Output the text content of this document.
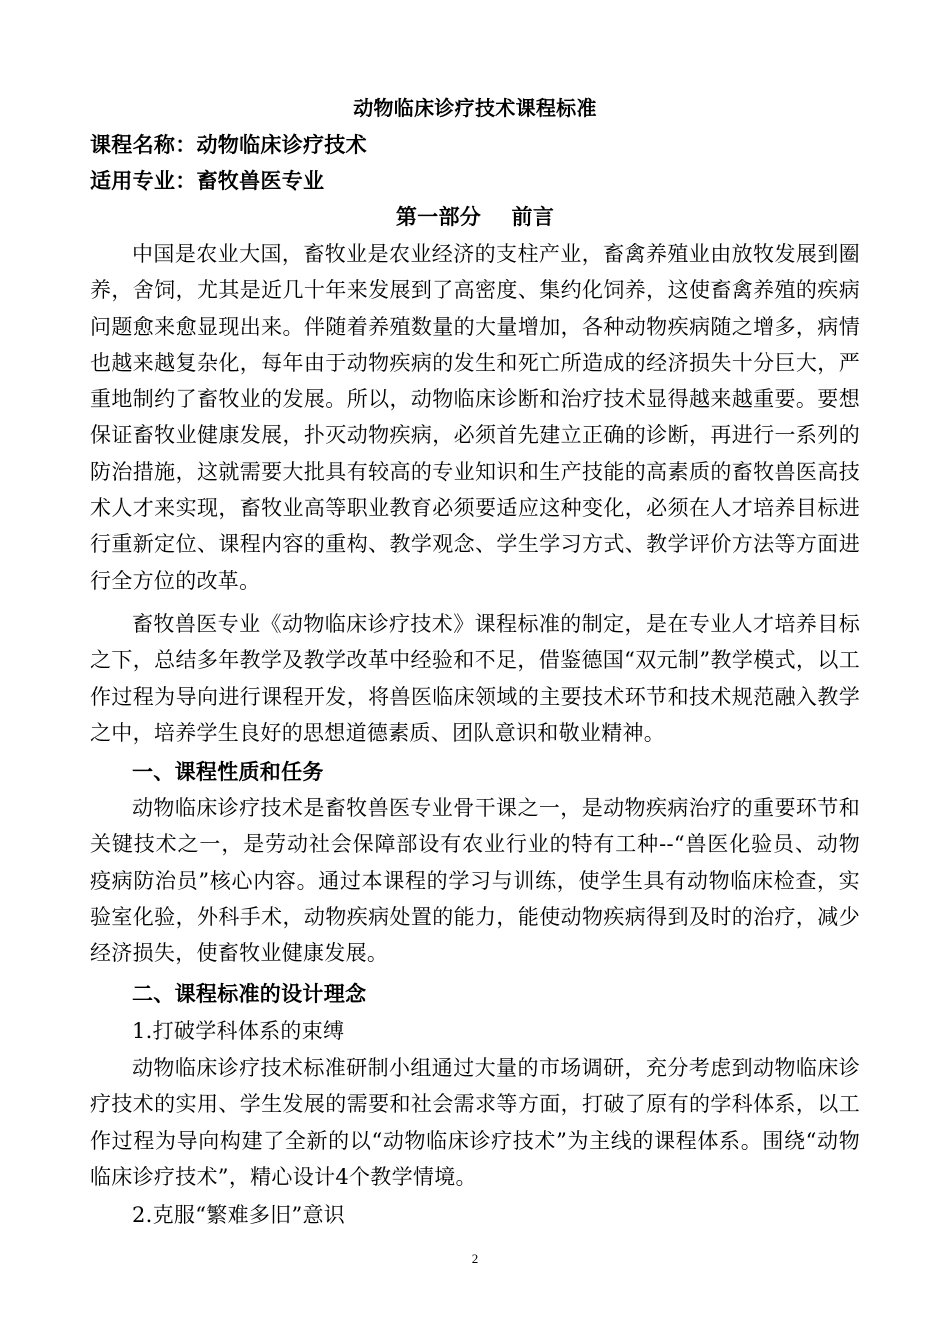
动物临床诊疗技术课程标准
课程名称：动物临床诊疗技术
适用专业：畜牧兽医专业
第一部分    前言

中国是农业大国，畜牧业是农业经济的支柱产业，畜禽养殖业由放牧发展到圈养，舍饲，尤其是近几十年来发展到了高密度、集约化饲养，这使畜禽养殖的疾病问题愈来愈显现出来。伴随着养殖数量的大量增加，各种动物疾病随之增多，病情也越来越复杂化，每年由于动物疾病的发生和死亡所造成的经济损失十分巨大，严重地制约了畜牧业的发展。所以，动物临床诊断和治疗技术显得越来越重要。要想保证畜牧业健康发展，扑灭动物疾病，必须首先建立正确的诊断，再进行一系列的防治措施，这就需要大批具有较高的专业知识和生产技能的高素质的畜牧兽医高技术人才来实现，畜牧业高等职业教育必须要适应这种变化，必须在人才培养目标进行重新定位、课程内容的重构、教学观念、学生学习方式、教学评价方法等方面进行全方位的改革。

畜牧兽医专业《动物临床诊疗技术》课程标准的制定，是在专业人才培养目标之下，总结多年教学及教学改革中经验和不足，借鉴德国“双元制”教学模式，以工作过程为导向进行课程开发，将兽医临床领域的主要技术环节和技术规范融入教学之中，培养学生良好的思想道德素质、团队意识和敬业精神。

一、课程性质和任务

动物临床诊疗技术是畜牧兽医专业骨干课之一，是动物疾病治疗的重要环节和关键技术之一，是劳动社会保障部设有农业行业的特有工种--“兽医化验员、动物疫病防治员”核心内容。通过本课程的学习与训练，使学生具有动物临床检查，实验室化验，外科手术，动物疾病处置的能力，能使动物疾病得到及时的治疗，减少经济损失，使畜牧业健康发展。

二、课程标准的设计理念
1.打破学科体系的束缚

动物临床诊疗技术标准研制小组通过大量的市场调研，充分考虑到动物临床诊疗技术的实用、学生发展的需要和社会需求等方面，打破了原有的学科体系，以工作过程为导向构建了全新的以“动物临床诊疗技术”为主线的课程体系。围绕“动物临床诊疗技术”，精心设计4个教学情境。

2.克服“繁难多旧”意识
2
